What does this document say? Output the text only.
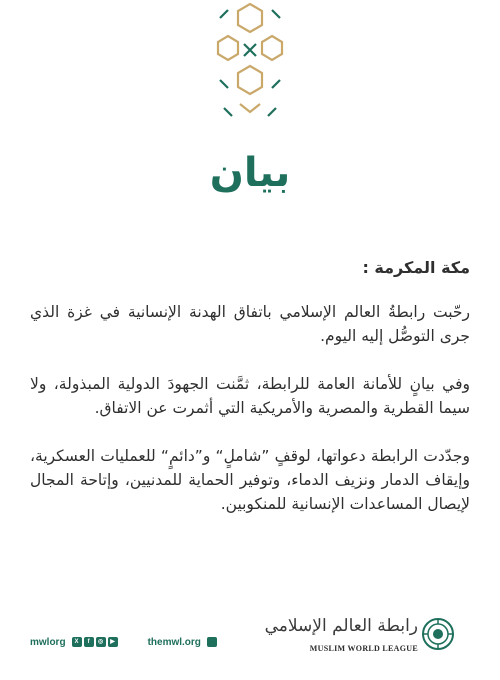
بيان
مكة المكرمة :

رحّبت رابطةُ العالم الإسلامي باتفاق الهدنة الإنسانية في غزة الذي جرى التوصُّل إليه اليوم.

وفي بيانٍ للأمانة العامة للرابطة، ثمَّنت الجهودَ الدولية المبذولة، ولا سيما القطرية والمصرية والأمريكية التي أثمرت عن الاتفاق.

وجدّدت الرابطة دعواتها، لوقفٍ ”شاملٍ“ و”دائمٍ“ للعمليات العسكرية، وإيقاف الدمار ونزيف الدماء، وتوفير الحماية للمدنيين، وإتاحة المجال لإيصال المساعدات الإنسانية للمنكوبين.

mwlorg	X	f	◎	▶	themwl.org
رابطة العالم الإسلامي
MUSLIM WORLD LEAGUE
